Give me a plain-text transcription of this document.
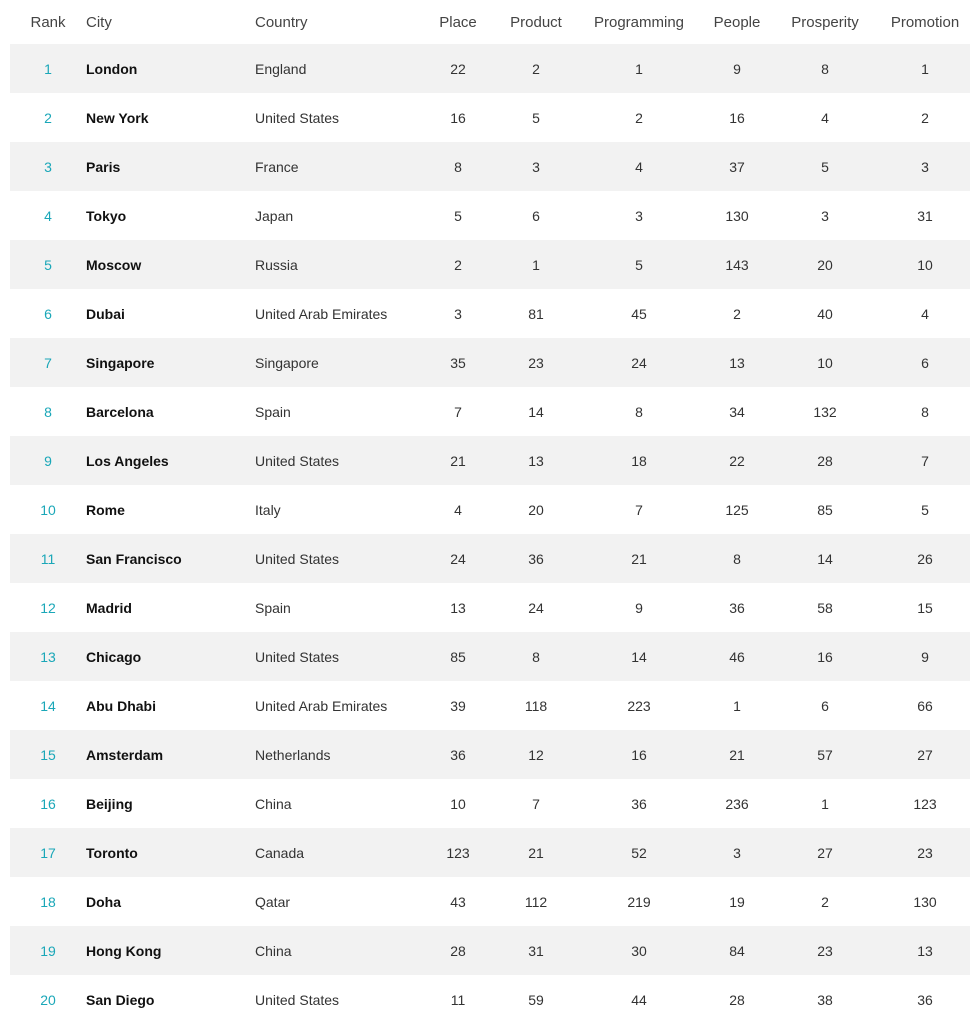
Rank	City	Country	Place	Product	Programming	People	Prosperity	Promotion
1	London	England	22	2	1	9	8	1
2	New York	United States	16	5	2	16	4	2
3	Paris	France	8	3	4	37	5	3
4	Tokyo	Japan	5	6	3	130	3	31
5	Moscow	Russia	2	1	5	143	20	10
6	Dubai	United Arab Emirates	3	81	45	2	40	4
7	Singapore	Singapore	35	23	24	13	10	6
8	Barcelona	Spain	7	14	8	34	132	8
9	Los Angeles	United States	21	13	18	22	28	7
10	Rome	Italy	4	20	7	125	85	5
11	San Francisco	United States	24	36	21	8	14	26
12	Madrid	Spain	13	24	9	36	58	15
13	Chicago	United States	85	8	14	46	16	9
14	Abu Dhabi	United Arab Emirates	39	118	223	1	6	66
15	Amsterdam	Netherlands	36	12	16	21	57	27
16	Beijing	China	10	7	36	236	1	123
17	Toronto	Canada	123	21	52	3	27	23
18	Doha	Qatar	43	112	219	19	2	130
19	Hong Kong	China	28	31	30	84	23	13
20	San Diego	United States	11	59	44	28	38	36
